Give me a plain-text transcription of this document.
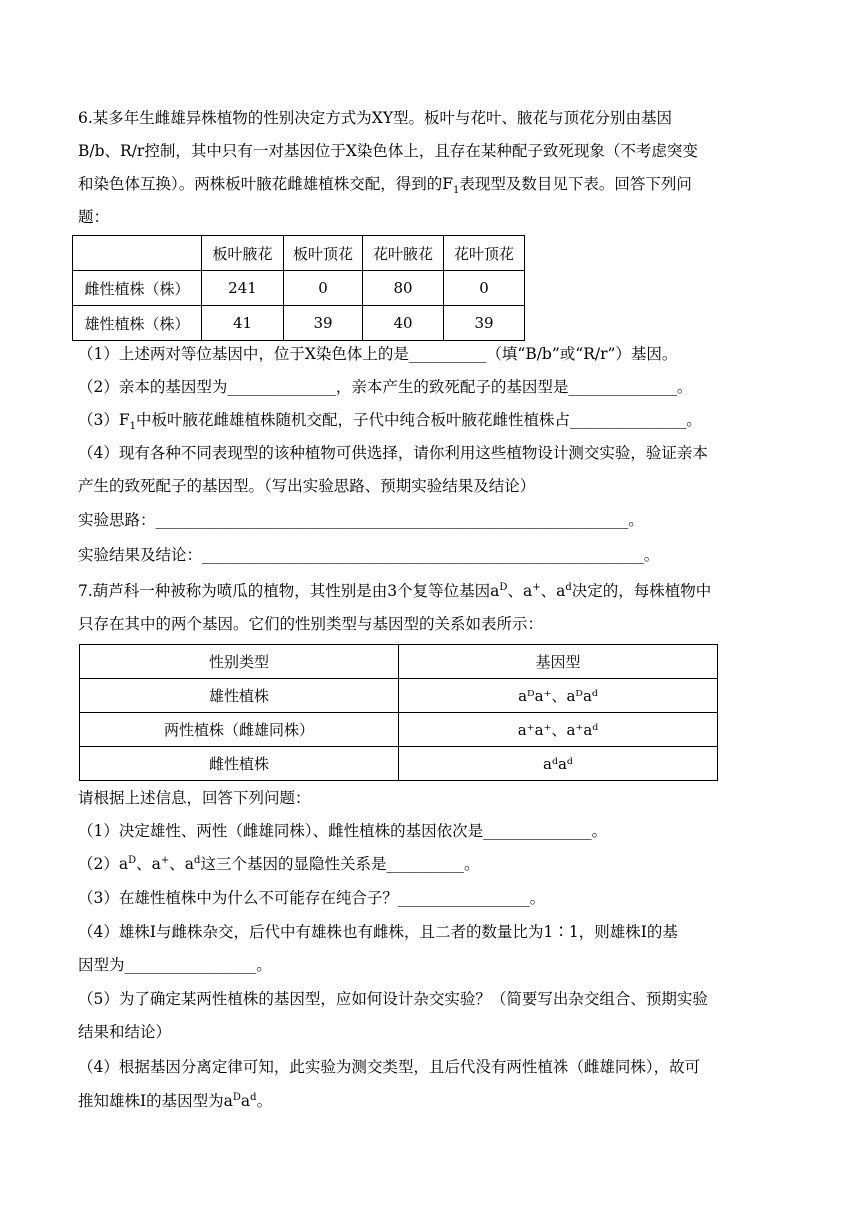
6.某多年生雌雄异株植物的性别决定方式为XY型。板叶与花叶、腋花与顶花分别由基因
B/b、R/r控制，其中只有一对基因位于X染色体上，且存在某种配子致死现象（不考虑突变
和染色体互换）。两株板叶腋花雌雄植株交配，得到的$F_1$表现型及数目见下表。回答下列问
题：
	板叶腋花	板叶顶花	花叶腋花	花叶顶花
雌性植株（株）	241	0	80	0
雄性植株（株）	41	39	40	39
（1）上述两对等位基因中，位于X染色体上的是__________（填“B/b”或“R/r”）基因。
（2）亲本的基因型为______________，亲本产生的致死配子的基因型是______________。
$(3)F_1$中板叶腋花雌雄植株随机交配，子代中纯合板叶腋花雌性植株占_______________。
（4）现有各种不同表现型的该种植物可供选择，请你利用这些植物设计测交实验，验证亲本
产生的致死配子的基因型。（写出实验思路、预期实验结果及结论）
实验思路：_____________________________________________________________。
实验结果及结论：_________________________________________________________。
7.葫芦科一种被称为喷瓜的植物，其性别是由3个复等位基因$a^D$、a+、$a^d$决定的，每株植物中
只存在其中的两个基因。它们的性别类型与基因型的关系如表所示：
性别类型	基因型
雄性植株	aᴰa⁺、aᴰaᵈ
两性植株（雌雄同株）	a⁺a⁺、a⁺aᵈ
雌性植株	aᵈaᵈ
请根据上述信息，回答下列问题：
（1）决定雄性、两性（雌雄同株）、雌性植株的基因依次是______________。
$(2)a^D$、a+、$a^d$这三个基因的显隐性关系是__________。
（3）在雄性植株中为什么不可能存在纯合子？_________________。
（4）雄株Ⅰ与雌株杂交，后代中有雄株也有雌株，且二者的数量比为1∶1，则雄株Ⅰ的基
因型为_________________。
（5）为了确定某两性植株的基因型，应如何设计杂交实验？（简要写出杂交组合、预期实验
结果和结论）
（4）根据基因分离定律可知，此实验为测交类型，且后代没有两性植祩（雌雄同株），故可
推知雄株Ⅰ的基因型为$a^Da^d$。
